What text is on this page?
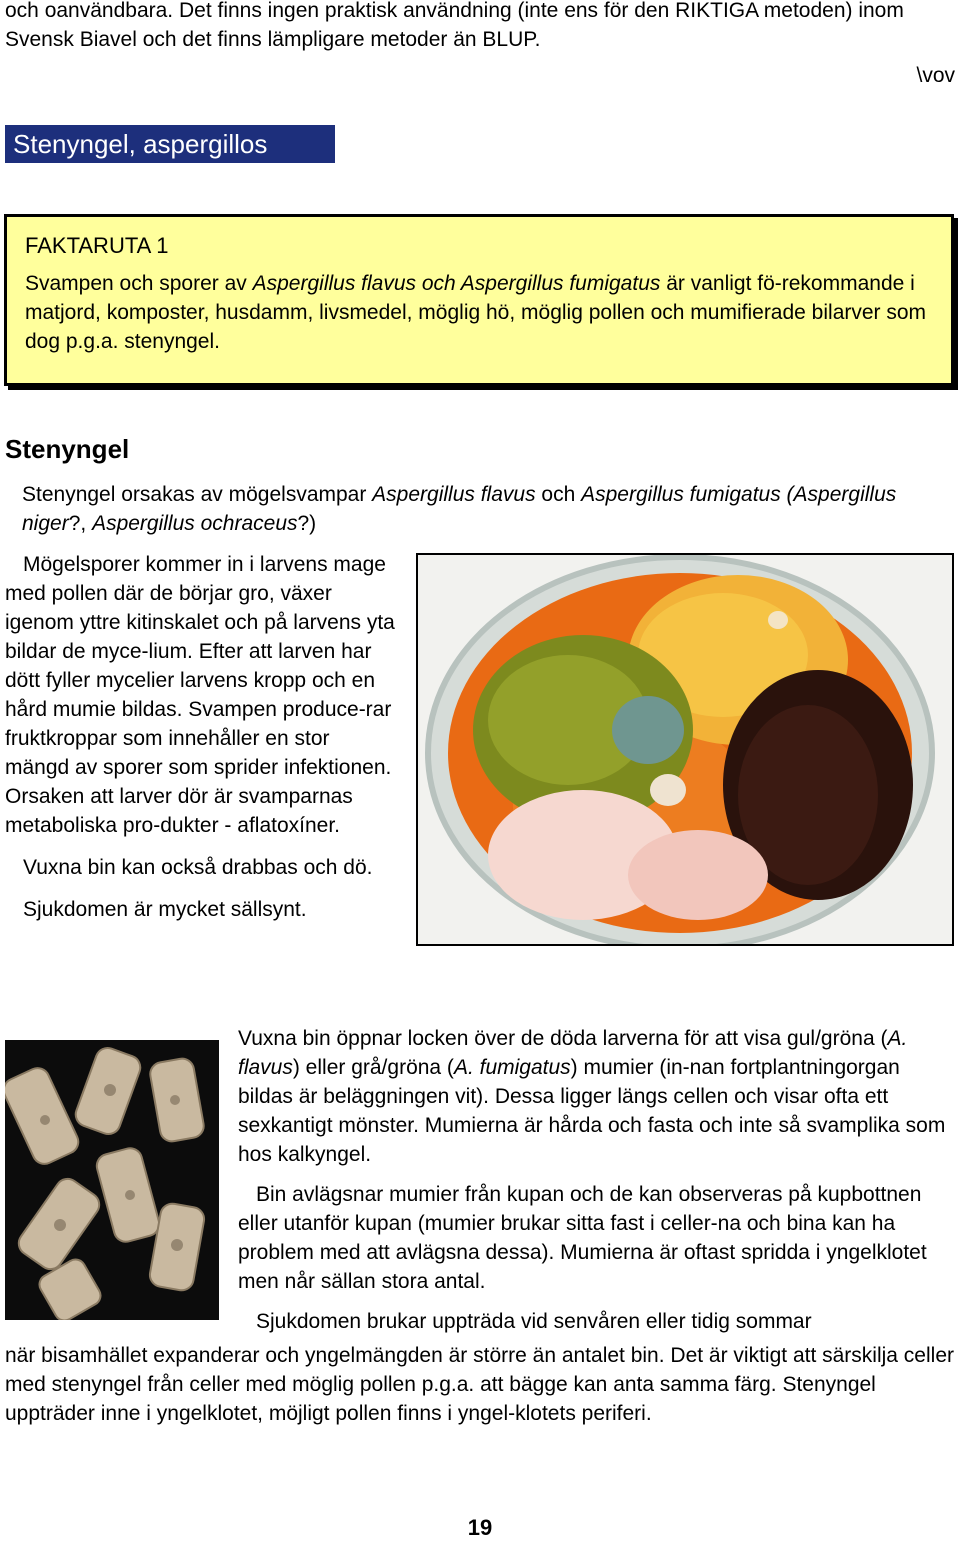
och oanvändbara. Det finns ingen praktisk användning (inte ens för den RIKTIGA metoden) inom Svensk Biavel och det finns lämpligare metoder än BLUP.
\vov
Stenyngel, aspergillos
FAKTARUTA 1
Svampen och sporer av Aspergillus flavus och Aspergillus fumigatus är vanligt fö-rekommande i matjord, komposter, husdamm, livsmedel, möglig hö, möglig pollen och mumifierade bilarver som dog p.g.a. stenyngel.
Stenyngel
Stenyngel orsakas av mögelsvampar Aspergillus flavus och Aspergillus fumigatus (Aspergillus niger?, Aspergillus ochraceus?)

Mögelsporer kommer in i larvens mage med pollen där de börjar gro, växer igenom yttre kitinskalet och på larvens yta bildar de myce-lium. Efter att larven har dött fyller mycelier larvens kropp och en hård mumie bildas. Svampen produce-rar fruktkroppar som innehåller en stor mängd av sporer som sprider infektionen. Orsaken att larver dör är svamparnas metaboliska pro-dukter - aflatoxíner.

Vuxna bin kan också drabbas och dö.

Sjukdomen är mycket sällsynt.

Vuxna bin öppnar locken över de döda larverna för att visa gul/gröna (A. flavus) eller grå/gröna (A. fumigatus) mumier (in-nan fortplantningorgan bildas är beläggningen vit). Dessa ligger längs cellen och visar ofta ett sexkantigt mönster. Mumierna är hårda och fasta och inte så svamplika som hos kalkyngel.

Bin avlägsnar mumier från kupan och de kan observeras på kupbottnen eller utanför kupan (mumier brukar sitta fast i celler-na och bina kan ha problem med att avlägsna dessa). Mumierna är oftast spridda i yngelklotet men når sällan stora antal.

Sjukdomen brukar uppträda vid senvåren eller tidig sommar

när bisamhället expanderar och yngelmängden är större än antalet bin. Det är viktigt att särskilja celler med stenyngel från celler med möglig pollen p.g.a. att bägge kan anta samma färg. Stenyngel uppträder inne i yngelklotet, möjligt pollen finns i yngel-klotets periferi.
19
